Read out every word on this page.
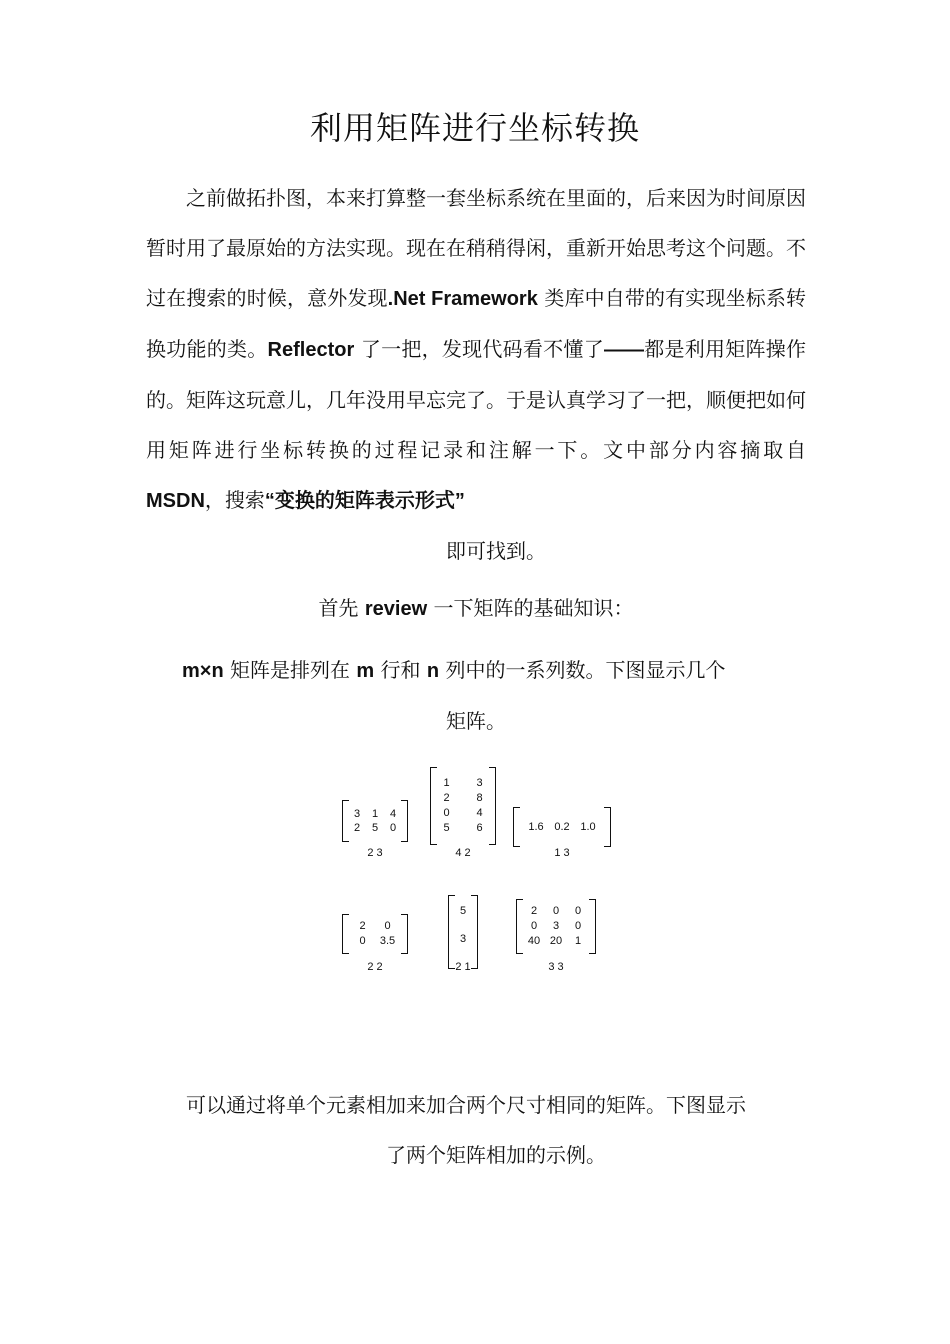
利用矩阵进行坐标转换
之前做拓扑图，本来打算整一套坐标系统在里面的，后来因为时间原因暂时用了最原始的方法实现。现在在稍稍得闲，重新开始思考这个问题。不过在搜索的时候，意外发现.Net Framework 类库中自带的有实现坐标系转换功能的类。Reflector 了一把，发现代码看不懂了——都是利用矩阵操作的。矩阵这玩意儿，几年没用早忘完了。于是认真学习了一把，顺便把如何用矩阵进行坐标转换的过程记录和注解一下。文中部分内容摘取自 MSDN，搜索“变换的矩阵表示形式”
即可找到。
首先 review 一下矩阵的基础知识：
m×n 矩阵是排列在 m 行和 n 列中的一系列数。下图显示几个
矩阵。
3	1	4
2	5	0
2 3
1	3
2	8
0	4
5	6
4 2
1.6 0.2 1.0
1 3
2	0
0	3.5
2 2
5
3
2 1
2	0	0
0	3	0
40 20	1
3 3
可以通过将单个元素相加来加合两个尺寸相同的矩阵。下图显示
了两个矩阵相加的示例。
